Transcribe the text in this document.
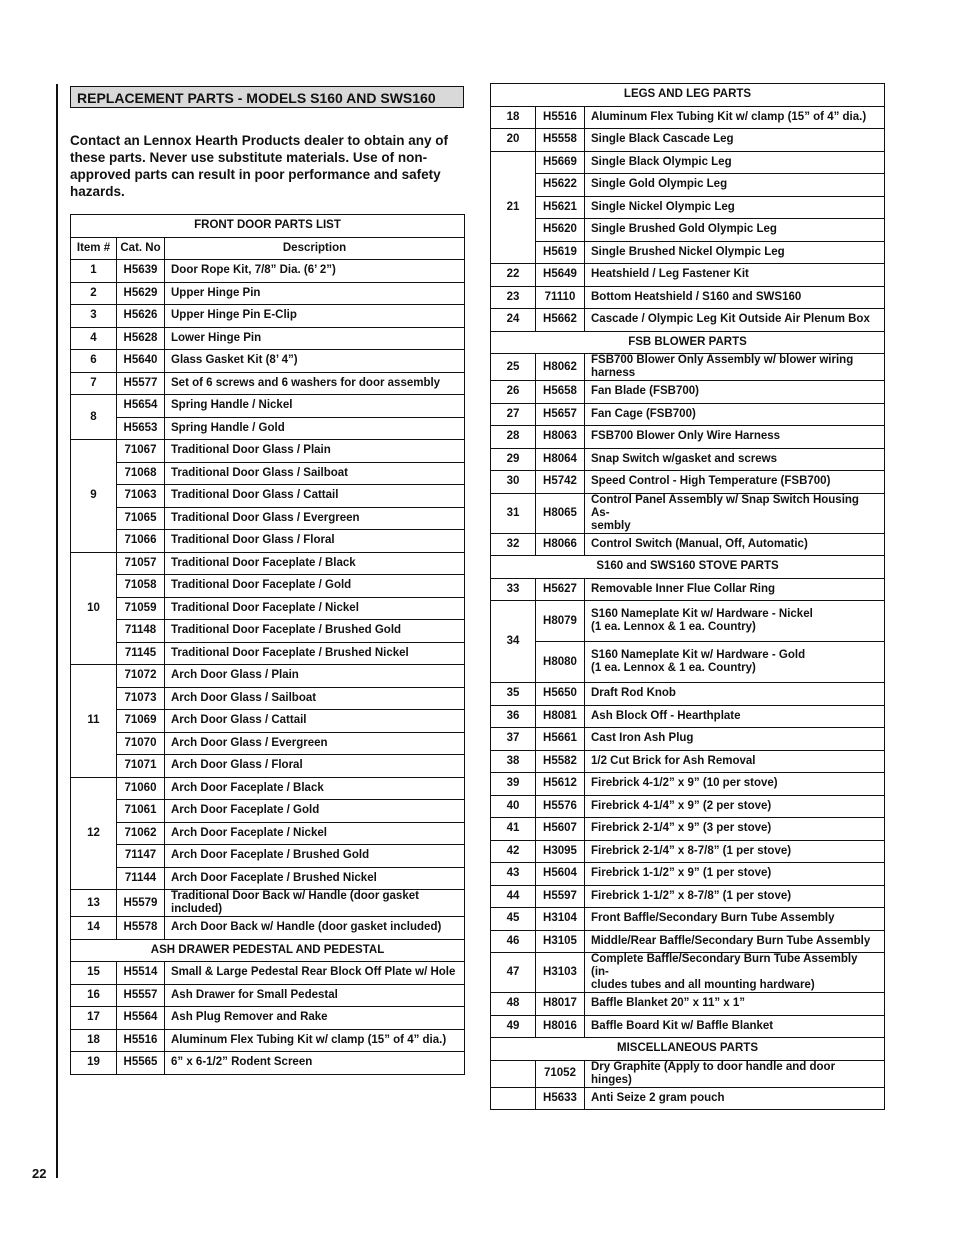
22
REPLACEMENT PARTS - MODELS S160 AND SWS160
Contact an Lennox Hearth Products dealer to obtain any of these parts. Never use substitute materials. Use of non-approved parts can result in poor performance and safety hazards.
FRONT DOOR PARTS LIST		
Item #	Cat. No	Description
1	H5639	Door Rope Kit, 7/8” Dia. (6’ 2”)
2	H5629	Upper Hinge Pin
3	H5626	Upper Hinge Pin E-Clip
4	H5628	Lower Hinge Pin
6	H5640	Glass Gasket Kit (8’ 4”)
7	H5577	Set of 6 screws and 6 washers for door assembly
8	H5654	Spring Handle / Nickel
	H5653	Spring Handle / Gold
9	71067	Traditional Door Glass / Plain
	71068	Traditional Door Glass / Sailboat
	71063	Traditional Door Glass / Cattail
	71065	Traditional Door Glass / Evergreen
	71066	Traditional Door Glass / Floral
10	71057	Traditional Door Faceplate / Black
	71058	Traditional Door Faceplate / Gold
	71059	Traditional Door Faceplate / Nickel
	71148	Traditional Door Faceplate / Brushed Gold
	71145	Traditional Door Faceplate / Brushed Nickel
11	71072	Arch Door Glass / Plain
	71073	Arch Door Glass / Sailboat
	71069	Arch Door Glass / Cattail
	71070	Arch Door Glass / Evergreen
	71071	Arch Door Glass / Floral
12	71060	Arch Door Faceplate / Black
	71061	Arch Door Faceplate / Gold
	71062	Arch Door Faceplate / Nickel
	71147	Arch Door Faceplate / Brushed Gold
	71144	Arch Door Faceplate / Brushed Nickel
13	H5579	Traditional Door Back w/ Handle (door gasket included)
14	H5578	Arch Door Back w/ Handle (door gasket included)
ASH DRAWER PEDESTAL AND PEDESTAL		
15	H5514	Small & Large Pedestal Rear Block Off Plate w/ Hole
16	H5557	Ash Drawer for Small Pedestal
17	H5564	Ash Plug Remover and Rake
18	H5516	Aluminum Flex Tubing Kit w/ clamp (15” of 4” dia.)
19	H5565	6” x 6-1/2” Rodent Screen
LEGS AND LEG PARTS		
18	H5516	Aluminum Flex Tubing Kit w/ clamp (15” of 4” dia.)
20	H5558	Single Black Cascade Leg
21	H5669	Single Black Olympic Leg
	H5622	Single Gold Olympic Leg
	H5621	Single Nickel Olympic Leg
	H5620	Single Brushed Gold Olympic Leg
	H5619	Single Brushed Nickel Olympic Leg
22	H5649	Heatshield / Leg Fastener Kit
23	71110	Bottom Heatshield / S160 and SWS160
24	H5662	Cascade / Olympic Leg Kit Outside Air Plenum Box
FSB BLOWER PARTS		
25	H8062	FSB700 Blower Only Assembly w/ blower wiring harness
26	H5658	Fan Blade (FSB700)
27	H5657	Fan Cage (FSB700)
28	H8063	FSB700 Blower Only Wire Harness
29	H8064	Snap Switch w/gasket and screws
30	H5742	Speed Control - High Temperature (FSB700)
31	H8065	Control Panel Assembly w/ Snap Switch Housing As-
sembly
32	H8066	Control Switch (Manual, Off, Automatic)
S160 and SWS160 STOVE PARTS		
33	H5627	Removable Inner Flue Collar Ring
34	H8079	S160 Nameplate Kit w/ Hardware - Nickel
(1 ea. Lennox & 1 ea. Country)
	H8080	S160 Nameplate Kit w/ Hardware - Gold
(1 ea. Lennox & 1 ea. Country)
35	H5650	Draft Rod Knob
36	H8081	Ash Block Off - Hearthplate
37	H5661	Cast Iron Ash Plug
38	H5582	1/2 Cut Brick for Ash Removal
39	H5612	Firebrick 4-1/2” x 9” (10 per stove)
40	H5576	Firebrick 4-1/4” x 9” (2 per stove)
41	H5607	Firebrick 2-1/4” x 9” (3 per stove)
42	H3095	Firebrick 2-1/4” x 8-7/8” (1 per stove)
43	H5604	Firebrick 1-1/2” x 9” (1 per stove)
44	H5597	Firebrick 1-1/2” x 8-7/8” (1 per stove)
45	H3104	Front Baffle/Secondary Burn Tube Assembly
46	H3105	Middle/Rear Baffle/Secondary Burn Tube Assembly
47	H3103	Complete Baffle/Secondary Burn Tube Assembly (in-
cludes tubes and all mounting hardware)
48	H8017	Baffle Blanket 20” x 11” x 1”
49	H8016	Baffle Board Kit w/ Baffle Blanket
MISCELLANEOUS PARTS		
	71052	Dry Graphite (Apply to door handle and door hinges)
	H5633	Anti Seize 2 gram pouch
